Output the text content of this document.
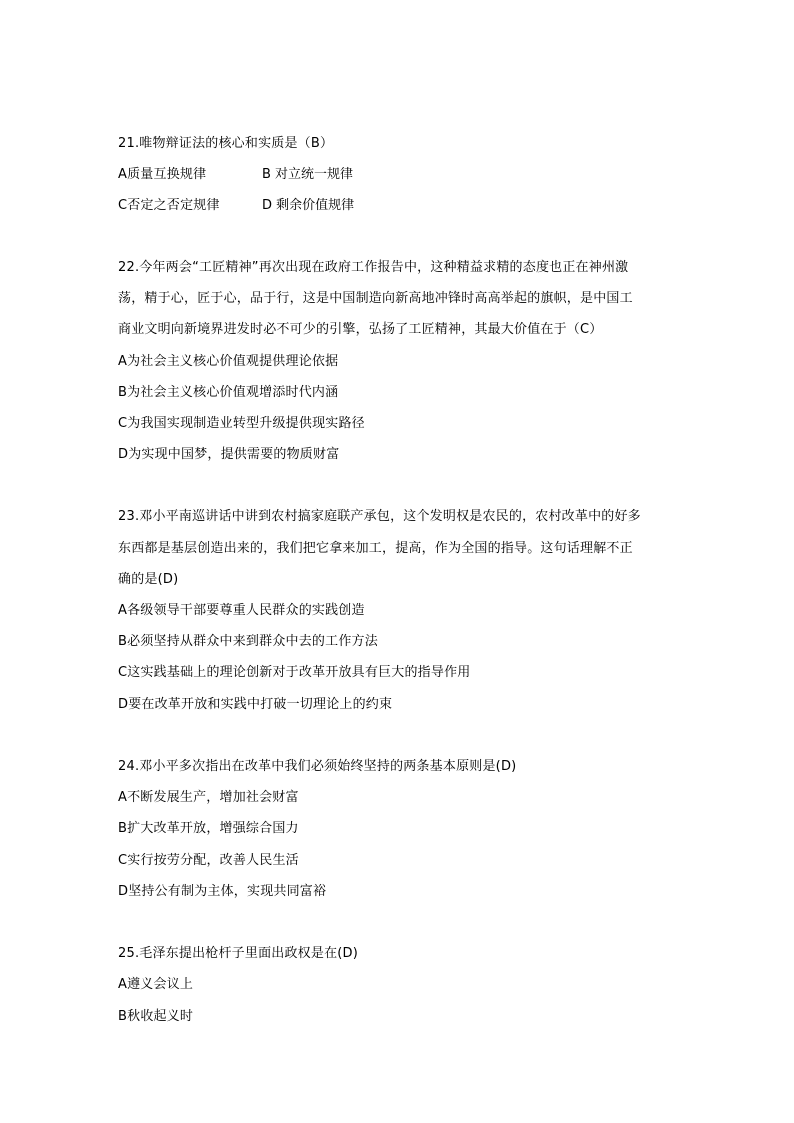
21.唯物辩证法的核心和实质是（B）
A质量互换规律	B 对立统一规律
C否定之否定规律	D 剩余价值规律
22.今年两会“工匠精神”再次出现在政府工作报告中，这种精益求精的态度也正在神州激
荡，精于心，匠于心，品于行，这是中国制造向新高地冲锋时高高举起的旗帜，是中国工
商业文明向新境界进发时必不可少的引擎，弘扬了工匠精神，其最大价值在于（C）
A为社会主义核心价值观提供理论依据
B为社会主义核心价值观增添时代内涵
C为我国实现制造业转型升级提供现实路径
D为实现中国梦，提供需要的物质财富
23.邓小平南巡讲话中讲到农村搞家庭联产承包，这个发明权是农民的，农村改革中的好多
东西都是基层创造出来的，我们把它拿来加工，提高，作为全国的指导。这句话理解不正
确的是(D)
A各级领导干部要尊重人民群众的实践创造
B必须坚持从群众中来到群众中去的工作方法
C这实践基础上的理论创新对于改革开放具有巨大的指导作用
D要在改革开放和实践中打破一切理论上的约束
24.邓小平多次指出在改革中我们必须始终坚持的两条基本原则是(D)
A不断发展生产，增加社会财富
B扩大改革开放，增强综合国力
C实行按劳分配，改善人民生活
D坚持公有制为主体，实现共同富裕
25.毛泽东提出枪杆子里面出政权是在(D)
A遵义会议上
B秋收起义时
